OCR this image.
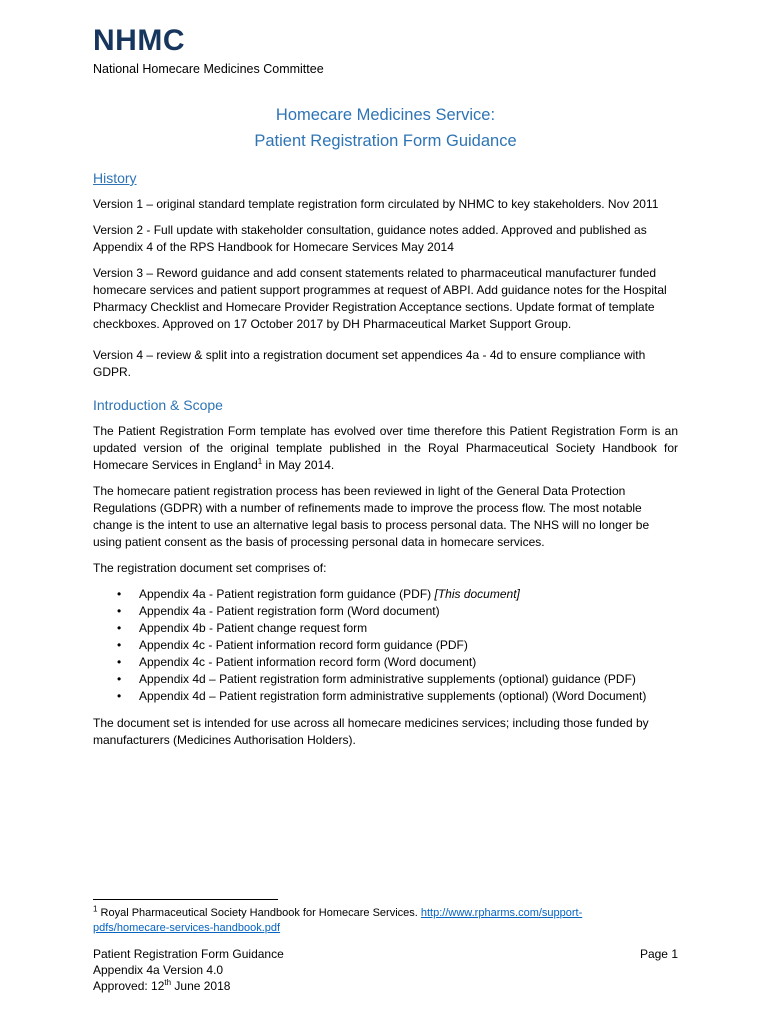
NHMC
National Homecare Medicines Committee
Homecare Medicines Service:
Patient Registration Form Guidance
History

Version 1 – original standard template registration form circulated by NHMC to key stakeholders. Nov 2011

Version 2 - Full update with stakeholder consultation, guidance notes added. Approved and published as Appendix 4 of the RPS Handbook for Homecare Services May 2014

Version 3 – Reword guidance and add consent statements related to pharmaceutical manufacturer funded homecare services and patient support programmes at request of ABPI. Add guidance notes for the Hospital Pharmacy Checklist and Homecare Provider Registration Acceptance sections. Update format of template checkboxes. Approved on 17 October 2017 by DH Pharmaceutical Market Support Group.

Version 4 – review & split into a registration document set appendices 4a - 4d to ensure compliance with GDPR.

Introduction & Scope

The Patient Registration Form template has evolved over time therefore this Patient Registration Form is an updated version of the original template published in the Royal Pharmaceutical Society Handbook for Homecare Services in England$^1$ in May 2014.

The homecare patient registration process has been reviewed in light of the General Data Protection Regulations (GDPR) with a number of refinements made to improve the process flow. The most notable change is the intent to use an alternative legal basis to process personal data. The NHS will no longer be using patient consent as the basis of processing personal data in homecare services.

The registration document set comprises of:

• Appendix 4a - Patient registration form guidance (PDF) [This document]
• Appendix 4a - Patient registration form (Word document)
• Appendix 4b - Patient change request form
• Appendix 4c - Patient information record form guidance (PDF)
• Appendix 4c - Patient information record form (Word document)
• Appendix 4d – Patient registration form administrative supplements (optional) guidance (PDF)
• Appendix 4d – Patient registration form administrative supplements (optional) (Word Document)

The document set is intended for use across all homecare medicines services; including those funded by manufacturers (Medicines Authorisation Holders).

$^1$ Royal Pharmaceutical Society Handbook for Homecare Services. http://www.rpharms.com/support-pdfs/homecare-services-handbook.pdf
Patient Registration Form Guidance
Appendix 4a Version 4.0
Approved: 12th June 2018
Page 1
